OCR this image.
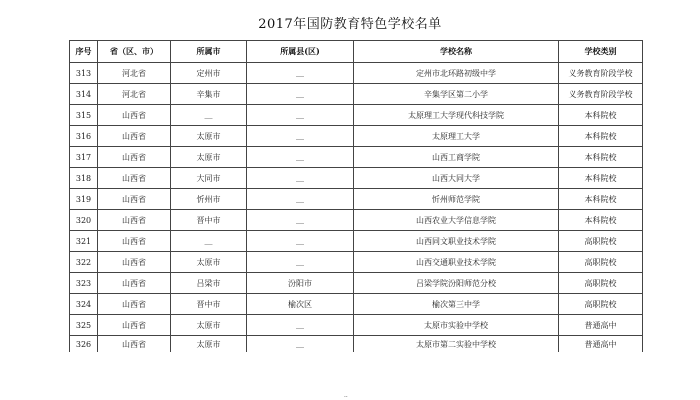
2017年国防教育特色学校名单
序号	省（区、市）	所属市	所属县(区)	学校名称	学校类别
313	河北省	定州市	＿	定州市北环路初级中学	义务教育阶段学校
314	河北省	辛集市	＿	辛集学区第二小学	义务教育阶段学校
315	山西省	＿	＿	太原理工大学现代科技学院	本科院校
316	山西省	太原市	＿	太原理工大学	本科院校
317	山西省	太原市	＿	山西工商学院	本科院校
318	山西省	大同市	＿	山西大同大学	本科院校
319	山西省	忻州市	＿	忻州师范学院	本科院校
320	山西省	晋中市	＿	山西农业大学信息学院	本科院校
321	山西省	＿	＿	山西同文职业技术学院	高职院校
322	山西省	太原市	＿	山西交通职业技术学院	高职院校
323	山西省	吕梁市	汾阳市	吕梁学院汾阳师范分校	高职院校
324	山西省	晋中市	榆次区	榆次第三中学	高职院校
325	山西省	太原市	＿	太原市实验中学校	普通高中
326	山西省	太原市	＿	太原市第二实验中学校	普通高中
··
